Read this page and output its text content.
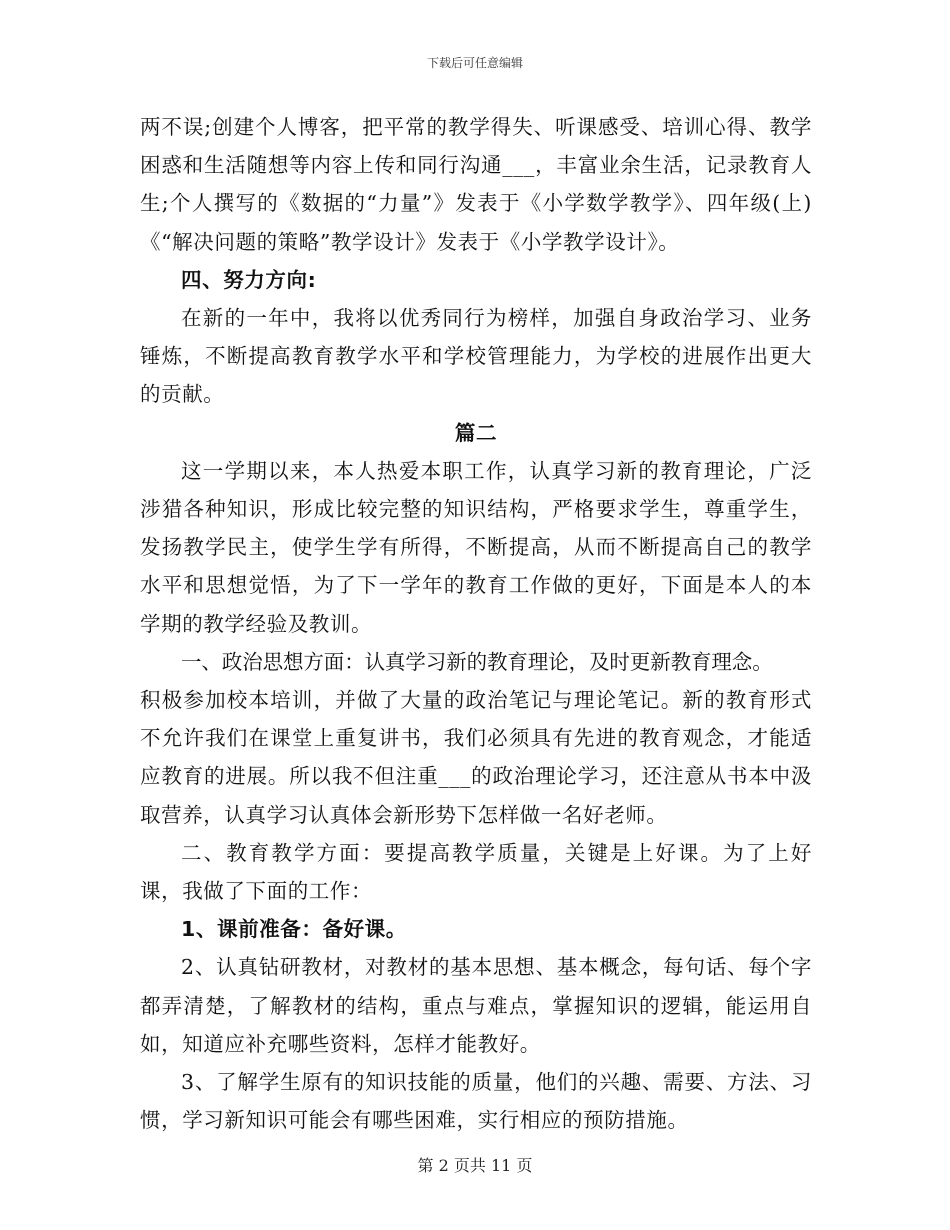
下载后可任意编辑

两不误;创建个人博客，把平常的教学得失、听课感受、培训心得、教学困惑和生活随想等内容上传和同行沟通___，丰富业余生活，记录教育人生;个人撰写的《数据的“力量”》发表于《小学数学教学》、四年级(上)《“解决问题的策略”教学设计》发表于《小学教学设计》。

四、努力方向:

在新的一年中，我将以优秀同行为榜样，加强自身政治学习、业务锤炼，不断提高教育教学水平和学校管理能力，为学校的进展作出更大的贡献。

篇二

这一学期以来，本人热爱本职工作，认真学习新的教育理论，广泛涉猎各种知识，形成比较完整的知识结构，严格要求学生，尊重学生，发扬教学民主，使学生学有所得，不断提高，从而不断提高自己的教学水平和思想觉悟，为了下一学年的教育工作做的更好，下面是本人的本学期的教学经验及教训。

一、政治思想方面：认真学习新的教育理论，及时更新教育理念。

积极参加校本培训，并做了大量的政治笔记与理论笔记。新的教育形式不允许我们在课堂上重复讲书，我们必须具有先进的教育观念，才能适应教育的进展。所以我不但注重___的政治理论学习，还注意从书本中汲取营养，认真学习认真体会新形势下怎样做一名好老师。

二、教育教学方面：要提高教学质量，关键是上好课。为了上好课，我做了下面的工作：

1、课前准备：备好课。

2、认真钻研教材，对教材的基本思想、基本概念，每句话、每个字都弄清楚，了解教材的结构，重点与难点，掌握知识的逻辑，能运用自如，知道应补充哪些资料，怎样才能教好。

3、了解学生原有的知识技能的质量，他们的兴趣、需要、方法、习惯，学习新知识可能会有哪些困难，实行相应的预防措施。

第 2 页共 11 页
